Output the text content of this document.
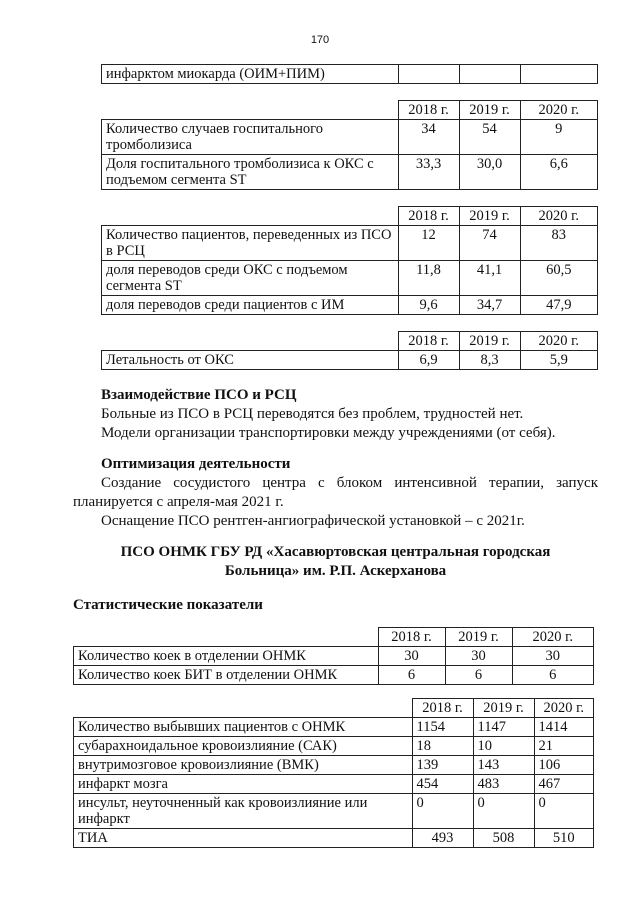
170
инфарктом миокарда (ОИМ+ПИМ)			
	2018 г.	2019 г.	2020 г.
Количество случаев госпитального тромболизиса	34	54	9
Доля госпитального тромболизиса к ОКС с подъемом сегмента ST	33,3	30,0	6,6
	2018 г.	2019 г.	2020 г.
Количество пациентов, переведенных из ПСО в РСЦ	12	74	83
доля переводов среди ОКС с подъемом сегмента ST	11,8	41,1	60,5
доля переводов среди пациентов с ИМ	9,6	34,7	47,9
	2018 г.	2019 г.	2020 г.
Летальность от ОКС	6,9	8,3	5,9

Взаимодействие ПСО и РСЦ

Больные из ПСО в РСЦ переводятся без проблем, трудностей нет.

Модели организации транспортировки между учреждениями (от себя).

Оптимизация деятельности

Создание сосудистого центра с блоком интенсивной терапии, запуск планируется с апреля-мая 2021 г.

Оснащение ПСО рентген-ангиографической установкой – с 2021г.

ПСО ОНМК ГБУ РД «Хасавюртовская центральная городская
Больница» им. Р.П. Аскерханова

Статистические показатели

	2018 г.	2019 г.	2020 г.
Количество коек в отделении ОНМК	30	30	30
Количество коек БИТ в отделении ОНМК	6	6	6
	2018 г.	2019 г.	2020 г.
Количество выбывших пациентов с ОНМК	1154	1147	1414
субарахноидальное кровоизлияние (САК)	18	10	21
внутримозговое кровоизлияние (ВМК)	139	143	106
инфаркт мозга	454	483	467
инсульт, неуточненный как кровоизлияние или инфаркт	0	0	0
ТИА	493	508	510
